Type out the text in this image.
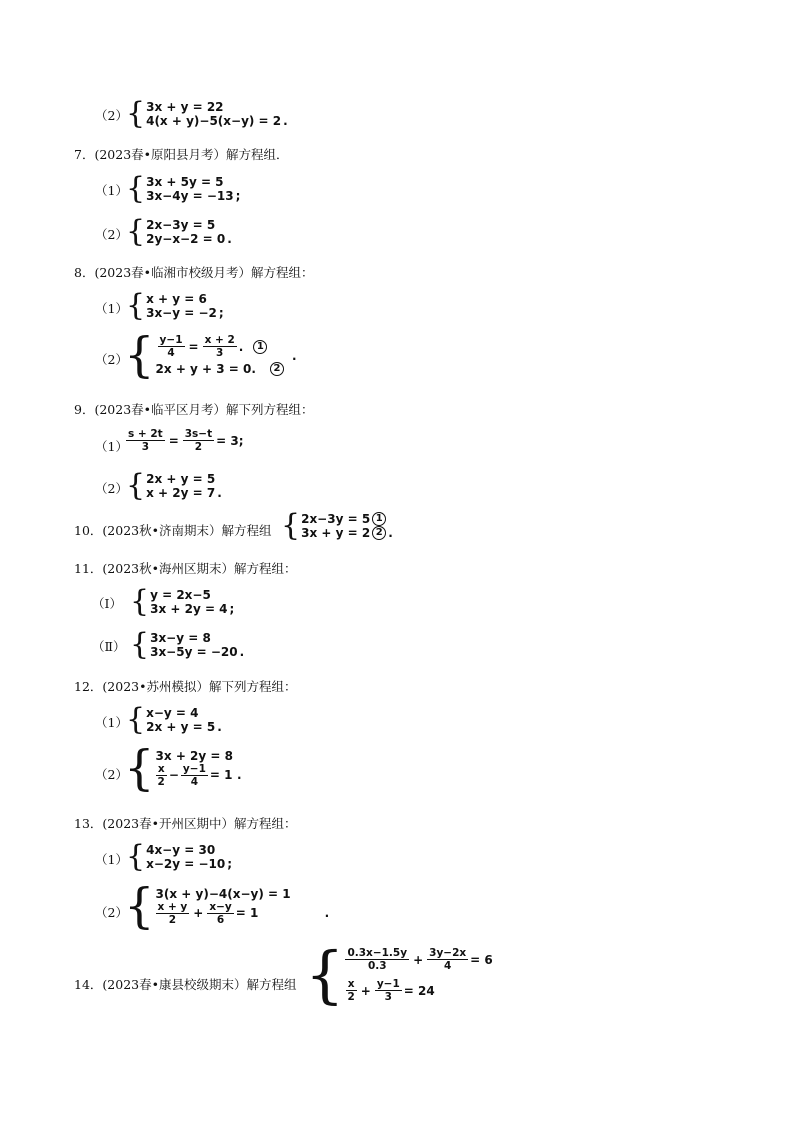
（2）
{ 3x + y = 22
4(x + y)−5(x−y) = 2 .
7．(2023春•原阳县月考）解方程组．
（1）
{ 3x + 5y = 5
3x−4y = −13 ;
（2）
{ 2x−3y = 5
2y−x−2 = 0 .
8．(2023春•临湘市校级月考）解方程组：
（1）
{ x + y = 6
3x−y = −2 ;
（2）
{ $\frac{y-1}{4} = \frac{x + 2}{3}$ .	1
2x + y + 3 = 0.	2
.
9．(2023春•临平区月考）解下列方程组：
（1）
$\frac{s + 2t}{3} = \frac{3s-t}{2} = 3$;
（2）
{ 2x + y = 5
x + 2y = 7 .
10．(2023秋•济南期末）解方程组 { 2x−3y = 5 1
3x + y = 2 2 .
11．(2023秋•海州区期末）解方程组：
（Ⅰ） { y = 2x−5
3x + 2y = 4 ;
（Ⅱ） { 3x−y = 8
3x−5y = −20 .
12．(2023•苏州模拟）解下列方程组：
（1）
{ x−y = 4
2x + y = 5 .
（2）
{ 3x + 2y = 8
$\frac{x}{2} - \frac{y-1}{4} = 1$ .
13．(2023春•开州区期中）解方程组：
（1）
{ 4x−y = 30
x−2y = −10 ;
（2）
{ 3(x + y)−4(x−y) = 1
$\frac{x + y}{2} + \frac{x-y}{6} = 1$	.
14．(2023春•康县校级期末）解方程组 { $\frac{0.3x-1.5y}{0.3} + \frac{3y-2x}{4} = 6$
$\frac{x}{2} + \frac{y-1}{3} = 24$
